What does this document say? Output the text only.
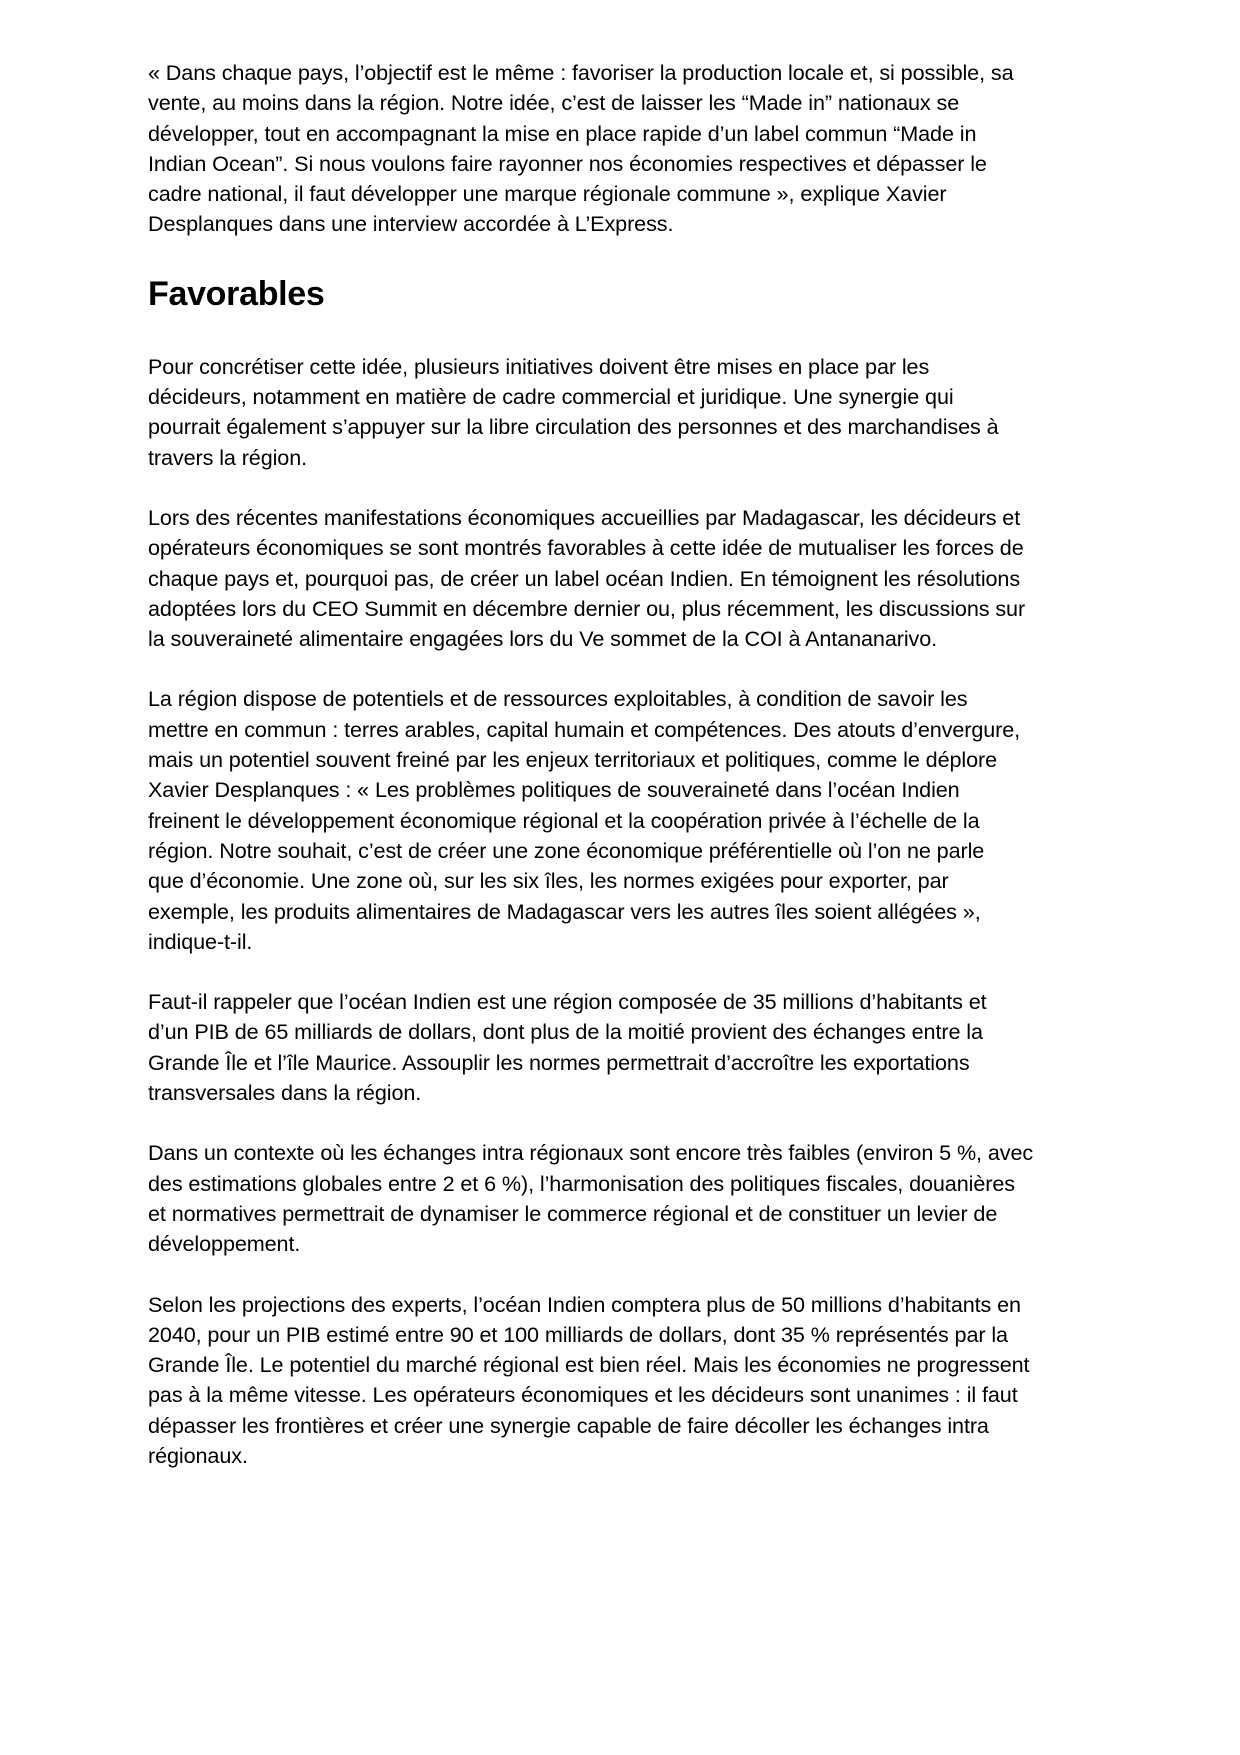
« Dans chaque pays, l’objectif est le même : favoriser la production locale et, si possible, sa
vente, au moins dans la région. Notre idée, c’est de laisser les “Made in” nationaux se
développer, tout en accompagnant la mise en place rapide d’un label commun “Made in
Indian Ocean”. Si nous voulons faire rayonner nos économies respectives et dépasser le
cadre national, il faut développer une marque régionale commune », explique Xavier
Desplanques dans une interview accordée à L’Express.

Favorables

Pour concrétiser cette idée, plusieurs initiatives doivent être mises en place par les
décideurs, notamment en matière de cadre commercial et juridique. Une synergie qui
pourrait également s’appuyer sur la libre circulation des personnes et des marchandises à
travers la région.

Lors des récentes manifestations économiques accueillies par Madagascar, les décideurs et
opérateurs économiques se sont montrés favorables à cette idée de mutualiser les forces de
chaque pays et, pourquoi pas, de créer un label océan Indien. En témoignent les résolutions
adoptées lors du CEO Summit en décembre dernier ou, plus récemment, les discussions sur
la souveraineté alimentaire engagées lors du Ve sommet de la COI à Antananarivo.

La région dispose de potentiels et de ressources exploitables, à condition de savoir les
mettre en commun : terres arables, capital humain et compétences. Des atouts d’envergure,
mais un potentiel souvent freiné par les enjeux territoriaux et politiques, comme le déplore
Xavier Desplanques : « Les problèmes politiques de souveraineté dans l’océan Indien
freinent le développement économique régional et la coopération privée à l’échelle de la
région. Notre souhait, c’est de créer une zone économique préférentielle où l’on ne parle
que d’économie. Une zone où, sur les six îles, les normes exigées pour exporter, par
exemple, les produits alimentaires de Madagascar vers les autres îles soient allégées »,
indique-t-il.

Faut-il rappeler que l’océan Indien est une région composée de 35 millions d’habitants et
d’un PIB de 65 milliards de dollars, dont plus de la moitié provient des échanges entre la
Grande Île et l’île Maurice. Assouplir les normes permettrait d’accroître les exportations
transversales dans la région.

Dans un contexte où les échanges intra régionaux sont encore très faibles (environ 5 %, avec
des estimations globales entre 2 et 6 %), l’harmonisation des politiques fiscales, douanières
et normatives permettrait de dynamiser le commerce régional et de constituer un levier de
développement.

Selon les projections des experts, l’océan Indien comptera plus de 50 millions d’habitants en
2040, pour un PIB estimé entre 90 et 100 milliards de dollars, dont 35 % représentés par la
Grande Île. Le potentiel du marché régional est bien réel. Mais les économies ne progressent
pas à la même vitesse. Les opérateurs économiques et les décideurs sont unanimes : il faut
dépasser les frontières et créer une synergie capable de faire décoller les échanges intra
régionaux.
